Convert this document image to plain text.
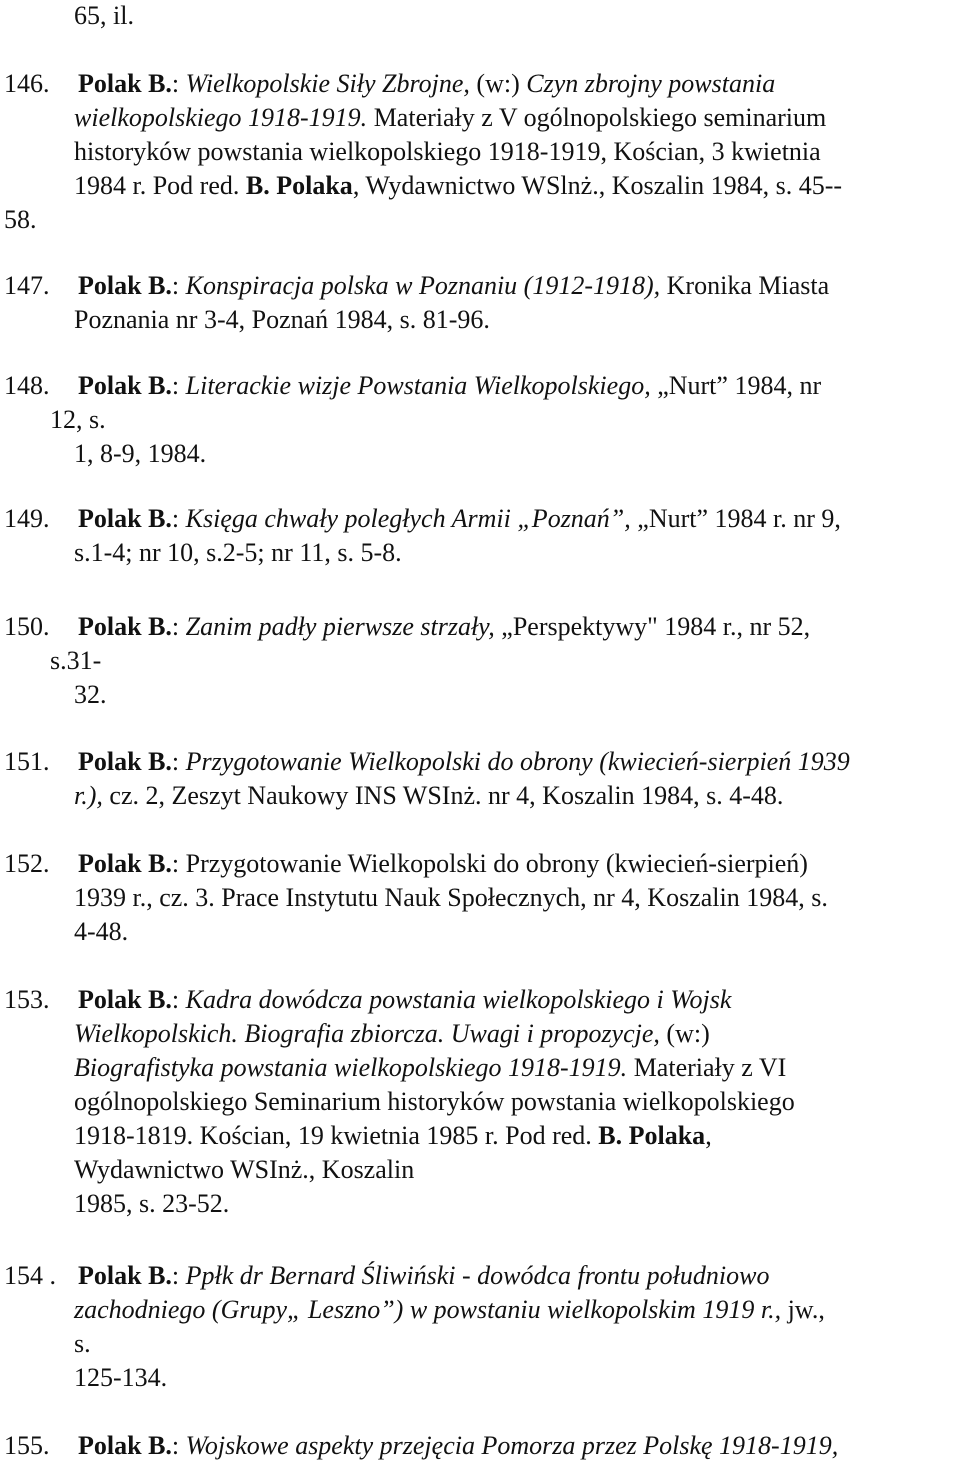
65, il.
146. Polak B.: Wielkopolskie Siły Zbrojne, (w:) Czyn zbrojny powstania
wielkopolskiego 1918-1919. Materiały z V ogólnopolskiego seminarium
historyków powstania wielkopolskiego 1918-1919, Kościan, 3 kwietnia
1984 r. Pod red. B. Polaka, Wydawnictwo WSlnż., Koszalin 1984, s. 45--
58.
147. Polak B.: Konspiracja polska w Poznaniu (1912-1918), Kronika Miasta
Poznania nr 3-4, Poznań 1984, s. 81-96.
148. Polak B.: Literackie wizje Powstania Wielkopolskiego, „Nurt” 1984, nr
12, s.
1, 8-9, 1984.
149. Polak B.: Księga chwały poległych Armii „Poznań”, „Nurt” 1984 r. nr 9,
s.1-4; nr 10, s.2-5; nr 11, s. 5-8.
150. Polak B.: Zanim padły pierwsze strzały, „Perspektywy" 1984 r., nr 52,
s.31-
32.
151. Polak B.: Przygotowanie Wielkopolski do obrony (kwiecień-sierpień 1939
r.), cz. 2, Zeszyt Naukowy INS WSInż. nr 4, Koszalin 1984, s. 4-48.
152. Polak B.: Przygotowanie Wielkopolski do obrony (kwiecień-sierpień)
1939 r., cz. 3. Prace Instytutu Nauk Społecznych, nr 4, Koszalin 1984, s.
4-48.
153. Polak B.: Kadra dowódcza powstania wielkopolskiego i Wojsk
Wielkopolskich. Biografia zbiorcza. Uwagi i propozycje, (w:)
Biografistyka powstania wielkopolskiego 1918-1919. Materiały z VI
ogólnopolskiego Seminarium historyków powstania wielkopolskiego
1918-1819. Kościan, 19 kwietnia 1985 r. Pod red. B. Polaka,
Wydawnictwo WSInż., Koszalin
1985, s. 23-52.
154 . Polak B.: Ppłk dr Bernard Śliwiński - dowódca frontu południowo
zachodniego (Grupy„ Leszno”) w powstaniu wielkopolskim 1919 r., jw.,
s.
125-134.
155. Polak B.: Wojskowe aspekty przejęcia Pomorza przez Polskę 1918-1919,
